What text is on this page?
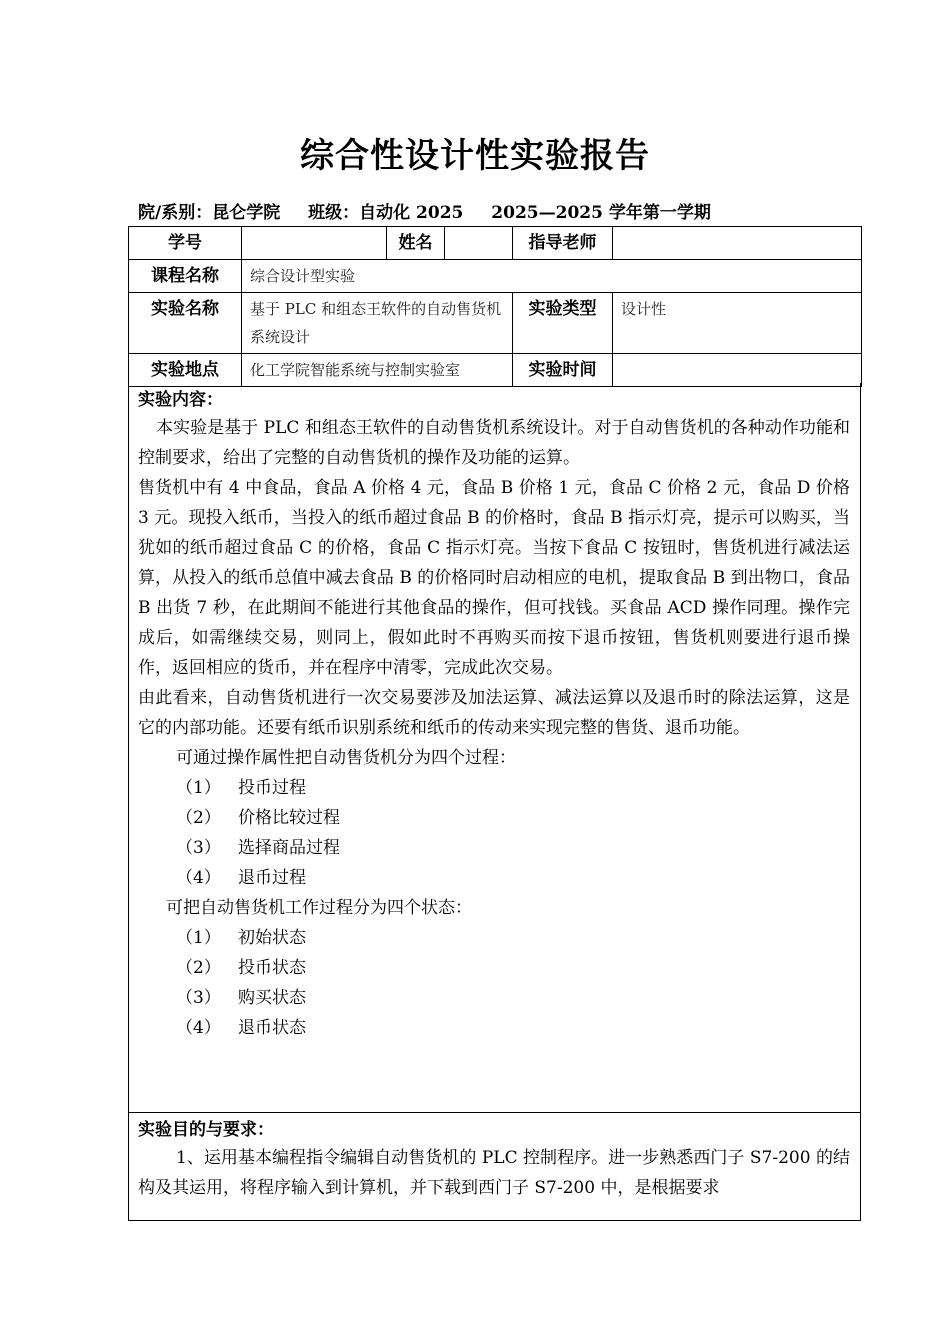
综合性设计性实验报告
院/系别：昆仑学院 班级：自动化 2025 2025—2025 学年第一学期
学号		姓名		指导老师	
课程名称	综合设计型实验				
实验名称	基于 PLC 和组态王软件的自动售货机系统设计			实验类型	设计性
实验地点	化工学院智能系统与控制实验室			实验时间	
实验内容：

本实验是基于 PLC 和组态王软件的自动售货机系统设计。对于自动售货机的各种动作功能和控制要求，给出了完整的自动售货机的操作及功能的运算。

售货机中有 4 中食品，食品 A 价格 4 元，食品 B 价格 1 元，食品 C 价格 2 元，食品 D 价格 3 元。现投入纸币，当投入的纸币超过食品 B 的价格时，食品 B 指示灯亮，提示可以购买，当犹如的纸币超过食品 C 的价格，食品 C 指示灯亮。当按下食品 C 按钮时，售货机进行减法运算，从投入的纸币总值中减去食品 B 的价格同时启动相应的电机，提取食品 B 到出物口，食品 B 出货 7 秒，在此期间不能进行其他食品的操作，但可找钱。买食品 ACD 操作同理。操作完成后，如需继续交易，则同上，假如此时不再购买而按下退币按钮，售货机则要进行退币操作，返回相应的货币，并在程序中清零，完成此次交易。

由此看来，自动售货机进行一次交易要涉及加法运算、减法运算以及退币时的除法运算，这是它的内部功能。还要有纸币识别系统和纸币的传动来实现完整的售货、退币功能。

可通过操作属性把自动售货机分为四个过程：
（1） 投币过程
（2） 价格比较过程
（3） 选择商品过程
（4） 退币过程
可把自动售货机工作过程分为四个状态：
（1） 初始状态
（2） 投币状态
（3） 购买状态
（4） 退币状态
实验目的与要求：

1、运用基本编程指令编辑自动售货机的 PLC 控制程序。进一步熟悉西门子 S7-200 的结构及其运用，将程序输入到计算机，并下载到西门子 S7-200 中，是根据要求
